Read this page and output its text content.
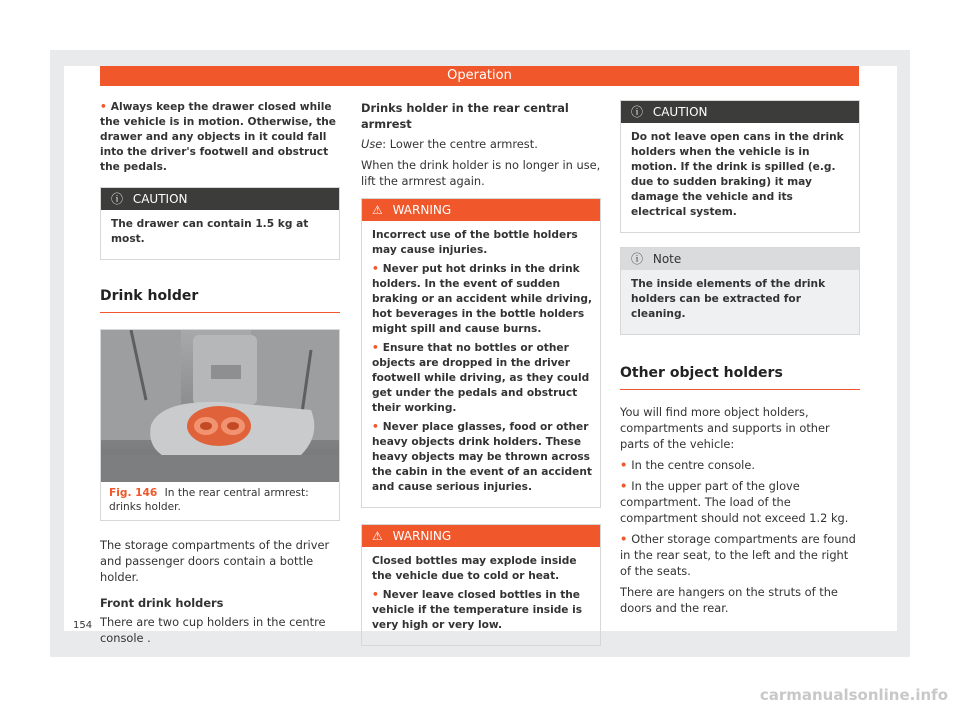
Operation

• Always keep the drawer closed while the vehicle is in motion. Otherwise, the drawer and any objects in it could fall into the driver's footwell and obstruct the pedals.

ⓘ CAUTION

The drawer can contain 1.5 kg at most.

Drink holder
Fig. 146 In the rear central armrest: drinks holder.

The storage compartments of the driver and passenger doors contain a bottle holder.

Front drink holders

There are two cup holders in the centre console .

Drinks holder in the rear central armrest

Use: Lower the centre armrest.

When the drink holder is no longer in use, lift the armrest again.

⚠ WARNING

Incorrect use of the bottle holders may cause injuries.

• Never put hot drinks in the drink holders. In the event of sudden braking or an accident while driving, hot beverages in the bottle holders might spill and cause burns.

• Ensure that no bottles or other objects are dropped in the driver footwell while driving, as they could get under the pedals and obstruct their working.

• Never place glasses, food or other heavy objects drink holders. These heavy objects may be thrown across the cabin in the event of an accident and cause serious injuries.

⚠ WARNING

Closed bottles may explode inside the vehicle due to cold or heat.

• Never leave closed bottles in the vehicle if the temperature inside is very high or very low.

ⓘ CAUTION

Do not leave open cans in the drink holders when the vehicle is in motion. If the drink is spilled (e.g. due to sudden braking) it may damage the vehicle and its electrical system.

ⓘ Note

The inside elements of the drink holders can be extracted for cleaning.

Other object holders

You will find more object holders, compartments and supports in other parts of the vehicle:

• In the centre console.

• In the upper part of the glove compartment. The load of the compartment should not exceed 1.2 kg.

• Other storage compartments are found in the rear seat, to the left and the right of the seats.

There are hangers on the struts of the doors and the rear.

154
carmanualsonline.info
